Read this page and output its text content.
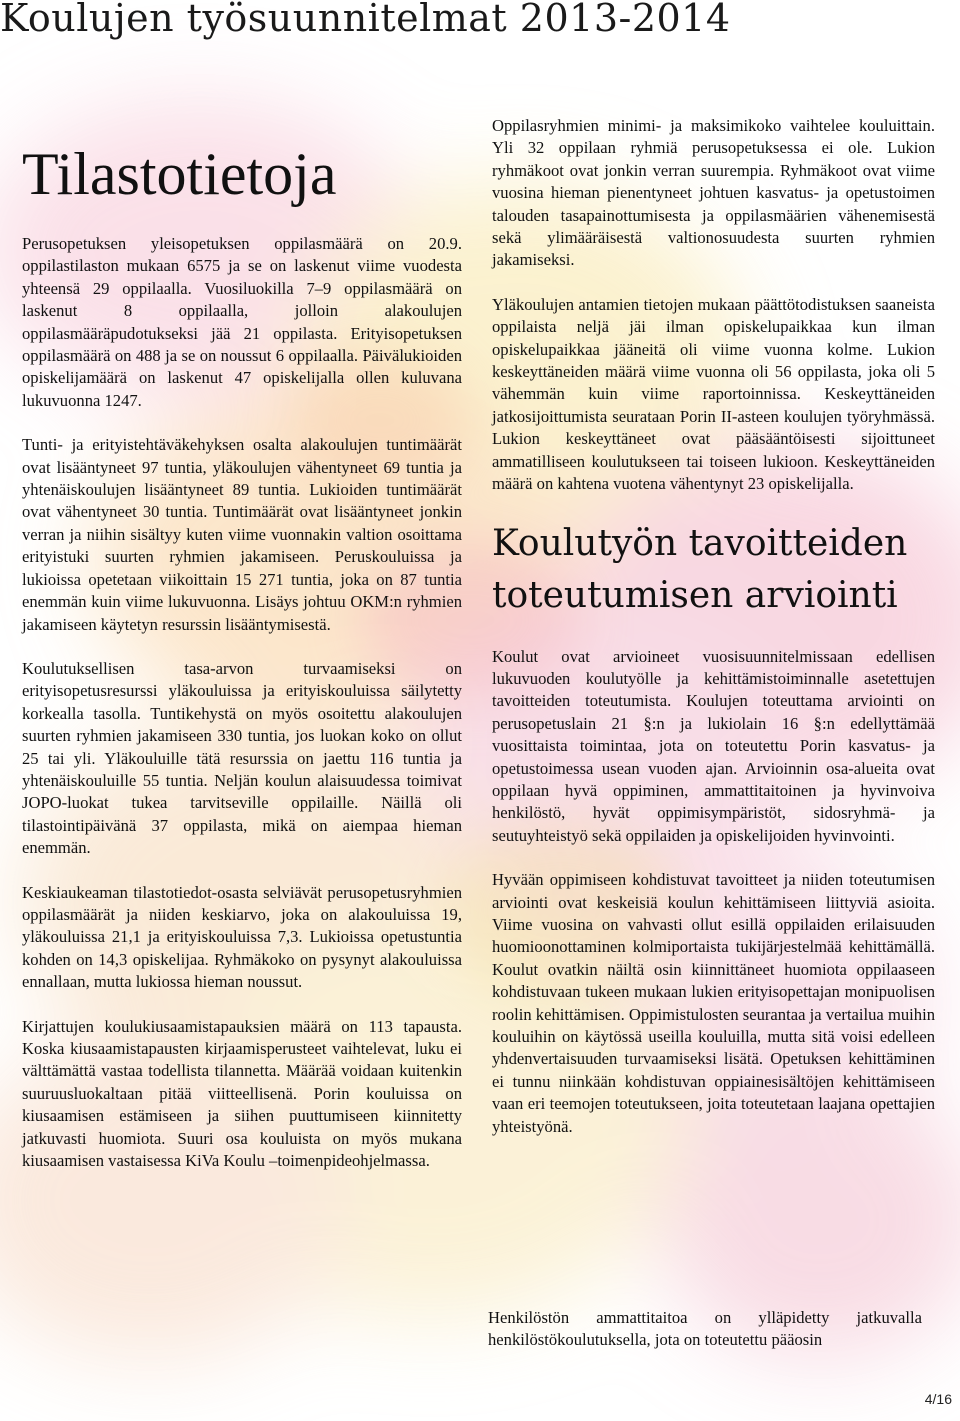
Koulujen työsuunnitelmat 2013-2014
Tilastotietoja

Perusopetuksen yleisopetuksen oppilasmäärä on 20.9. oppilastilaston mukaan 6575 ja se on laskenut viime vuodesta yhteensä 29 oppilaalla. Vuosiluokilla 7–9 oppilasmäärä on laskenut 8 oppilaalla, jolloin alakoulujen oppilasmääräpudotukseksi jää 21 oppilasta. Erityisopetuksen oppilasmäärä on 488 ja se on noussut 6 oppilaalla. Päivälukioiden opiskelijamäärä on laskenut 47 opiskelijalla ollen kuluvana lukuvuonna 1247.

Tunti- ja erityistehtäväkehyksen osalta alakoulujen tuntimäärät ovat lisääntyneet 97 tuntia, yläkoulujen vähentyneet 69 tuntia ja yhtenäiskoulujen lisääntyneet 89 tuntia. Lukioiden tuntimäärät ovat vähentyneet 30 tuntia. Tuntimäärät ovat lisääntyneet jonkin verran ja niihin sisältyy kuten viime vuonnakin valtion osoittama erityistuki suurten ryhmien jakamiseen. Peruskouluissa ja lukioissa opetetaan viikoittain 15 271 tuntia, joka on 87 tuntia enemmän kuin viime lukuvuonna. Lisäys johtuu OKM:n ryhmien jakamiseen käytetyn resurssin lisääntymisestä.

Koulutuksellisen tasa-arvon turvaamiseksi on erityisopetusresurssi yläkouluissa ja erityiskouluissa säilytetty korkealla tasolla. Tuntikehystä on myös osoitettu alakoulujen suurten ryhmien jakamiseen 330 tuntia, jos luokan koko on ollut 25 tai yli. Yläkouluille tätä resurssia on jaettu 116 tuntia ja yhtenäiskouluille 55 tuntia. Neljän koulun alaisuudessa toimivat JOPO-luokat tukea tarvitseville oppilaille. Näillä oli tilastointipäivänä 37 oppilasta, mikä on aiempaa hieman enemmän.

Keskiaukeaman tilastotiedot-osasta selviävät perusopetusryhmien oppilasmäärät ja niiden keskiarvo, joka on alakouluissa 19, yläkouluissa 21,1 ja erityiskouluissa 7,3. Lukioissa opetustuntia kohden on 14,3 opiskelijaa. Ryhmäkoko on pysynyt alakouluissa ennallaan, mutta lukiossa hieman noussut.

Kirjattujen koulukiusaamistapauksien määrä on 113 tapausta. Koska kiusaamistapausten kirjaamisperusteet vaihtelevat, luku ei välttämättä vastaa todellista tilannetta. Määrää voidaan kuitenkin suuruusluokaltaan pitää viitteellisenä. Porin kouluissa on kiusaamisen estämiseen ja siihen puuttumiseen kiinnitetty jatkuvasti huomiota. Suuri osa kouluista on myös mukana kiusaamisen vastaisessa KiVa Koulu –toimenpideohjelmassa.

Oppilasryhmien minimi- ja maksimikoko vaihtelee kouluittain. Yli 32 oppilaan ryhmiä perusopetuksessa ei ole. Lukion ryhmäkoot ovat jonkin verran suurempia. Ryhmäkoot ovat viime vuosina hieman pienentyneet johtuen kasvatus- ja opetustoimen talouden tasapainottumisesta ja oppilasmäärien vähenemisestä sekä ylimääräisestä valtionosuudesta suurten ryhmien jakamiseksi.

Yläkoulujen antamien tietojen mukaan päättötodistuksen saaneista oppilaista neljä jäi ilman opiskelupaikkaa kun ilman opiskelupaikkaa jääneitä oli viime vuonna kolme. Lukion keskeyttäneiden määrä viime vuonna oli 56 oppilasta, joka oli 5 vähemmän kuin viime raportoinnissa. Keskeyttäneiden jatkosijoittumista seurataan Porin II-asteen koulujen työryhmässä. Lukion keskeyttäneet ovat pääsääntöisesti sijoittuneet ammatilliseen koulutukseen tai toiseen lukioon. Keskeyttäneiden määrä on kahtena vuotena vähentynyt 23 opiskelijalla.

Koulutyön tavoitteiden toteutumisen arviointi

Koulut ovat arvioineet vuosisuunnitelmissaan edellisen lukuvuoden koulutyölle ja kehittämistoiminnalle asetettujen tavoitteiden toteutumista. Koulujen toteuttama arviointi on perusopetuslain 21 §:n ja lukiolain 16 §:n edellyttämää vuosittaista toimintaa, jota on toteutettu Porin kasvatus- ja opetustoimessa usean vuoden ajan. Arvioinnin osa-alueita ovat oppilaan hyvä oppiminen, ammattitaitoinen ja hyvinvoiva henkilöstö, hyvät oppimisympäristöt, sidosryhmä- ja seutuyhteistyö sekä oppilaiden ja opiskelijoiden hyvinvointi.

Hyvään oppimiseen kohdistuvat tavoitteet ja niiden toteutumisen arviointi ovat keskeisiä koulun kehittämiseen liittyviä asioita. Viime vuosina on vahvasti ollut esillä oppilaiden erilaisuuden huomioonottaminen kolmiportaista tukijärjestelmää kehittämällä. Koulut ovatkin näiltä osin kiinnittäneet huomiota oppilaaseen kohdistuvaan tukeen mukaan lukien erityisopettajan monipuolisen roolin kehittämisen. Oppimistulosten seurantaa ja vertailua muihin kouluihin on käytössä useilla kouluilla, mutta sitä voisi edelleen yhdenvertaisuuden turvaamiseksi lisätä. Opetuksen kehittäminen ei tunnu niinkään kohdistuvan oppiainesisältöjen kehittämiseen vaan eri teemojen toteutukseen, joita toteutetaan laajana opettajien yhteistyönä.

Henkilöstön ammattitaitoa on ylläpidetty jatkuvalla henkilöstökoulutuksella, jota on toteutettu pääosin
4/16
